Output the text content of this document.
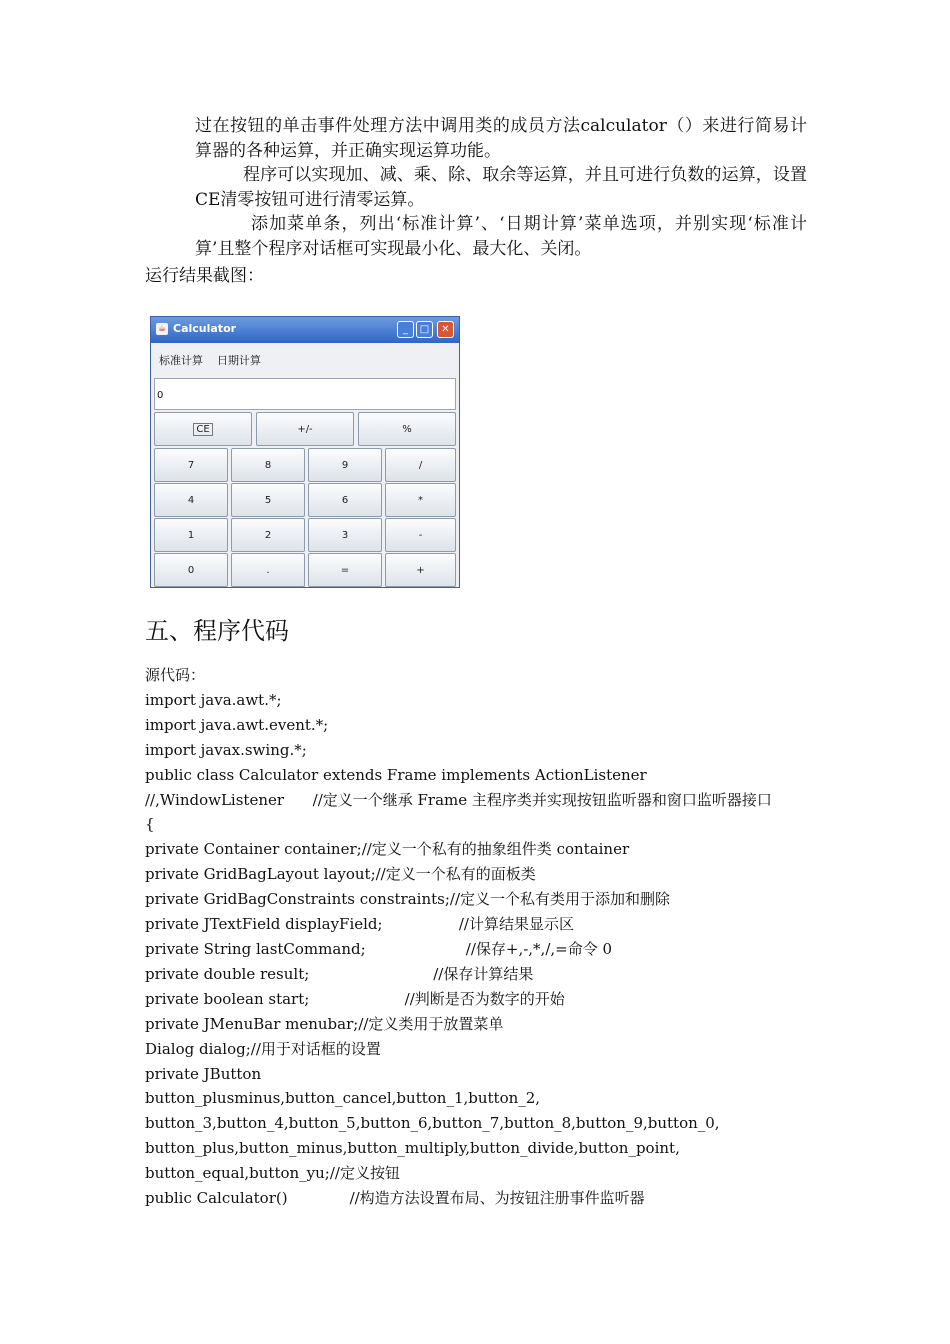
过在按钮的单击事件处理方法中调用类的成员方法calculator（）来进行简易计算器的各种运算，并正确实现运算功能。

程序可以实现加、减、乘、除、取余等运算，并且可进行负数的运算，设置CE清零按钮可进行清零运算。

添加菜单条，列出‘标准计算’、‘日期计算’菜单选项，并别实现‘标准计算’且整个程序对话框可实现最小化、最大化、关闭。

运行结果截图：

☕ Calculator	_	□	✕
标准计算 日期计算
0
CE	+/-	%
7	8	9	/
4	5	6	*
1	2	3	-
0	.	=	+
五、程序代码
源代码：
import java.awt.*;
import java.awt.event.*;
import javax.swing.*;
public class Calculator extends Frame implements ActionListener
//,WindowListener      //定义一个继承 Frame 主程序类并实现按钮监听器和窗口监听器接口
{
private Container container;//定义一个私有的抽象组件类 container
private GridBagLayout layout;//定义一个私有的面板类
private GridBagConstraints constraints;//定义一个私有类用于添加和删除
private JTextField displayField;                //计算结果显示区
private String lastCommand;                     //保存+,-,*,/,=命令 0
private double result;                          //保存计算结果
private boolean start;                    //判断是否为数字的开始
private JMenuBar menubar;//定义类用于放置菜单
Dialog dialog;//用于对话框的设置
private JButton
button_plusminus,button_cancel,button_1,button_2,
button_3,button_4,button_5,button_6,button_7,button_8,button_9,button_0,
button_plus,button_minus,button_multiply,button_divide,button_point,
button_equal,button_yu;//定义按钮
public Calculator()             //构造方法设置布局、为按钮注册事件监听器
